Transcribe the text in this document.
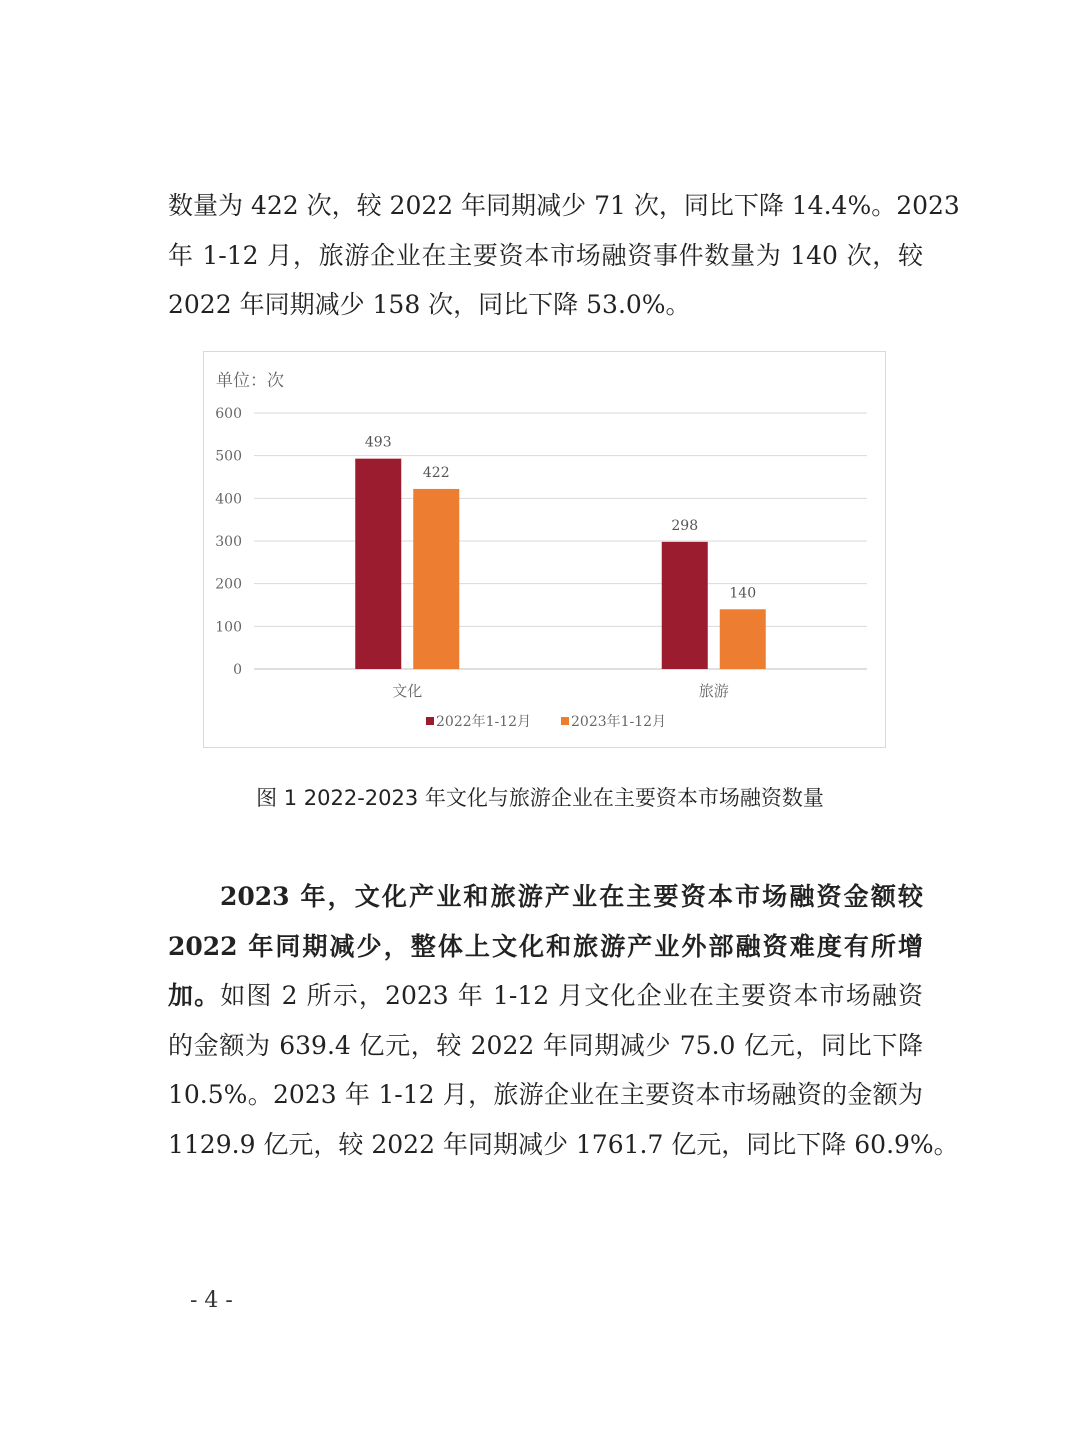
数量为 422 次，较 2022 年同期减少 71 次，同比下降 14.4%。2023
年 1-12 月，旅游企业在主要资本市场融资事件数量为 140 次，较
2022 年同期减少 158 次，同比下降 53.0%。
单位：次
0
100
200
300
400
500
600
493
422
298
140
文化	旅游
2022年1-12月	2023年1-12月
图 1 2022-2023 年文化与旅游企业在主要资本市场融资数量
2023 年，文化产业和旅游产业在主要资本市场融资金额较
2022 年同期减少，整体上文化和旅游产业外部融资难度有所增
加。如图 2 所示，2023 年 1-12 月文化企业在主要资本市场融资
的金额为 639.4 亿元，较 2022 年同期减少 75.0 亿元，同比下降
10.5%。2023 年 1-12 月，旅游企业在主要资本市场融资的金额为
1129.9 亿元，较 2022 年同期减少 1761.7 亿元，同比下降 60.9%。
- 4 -
